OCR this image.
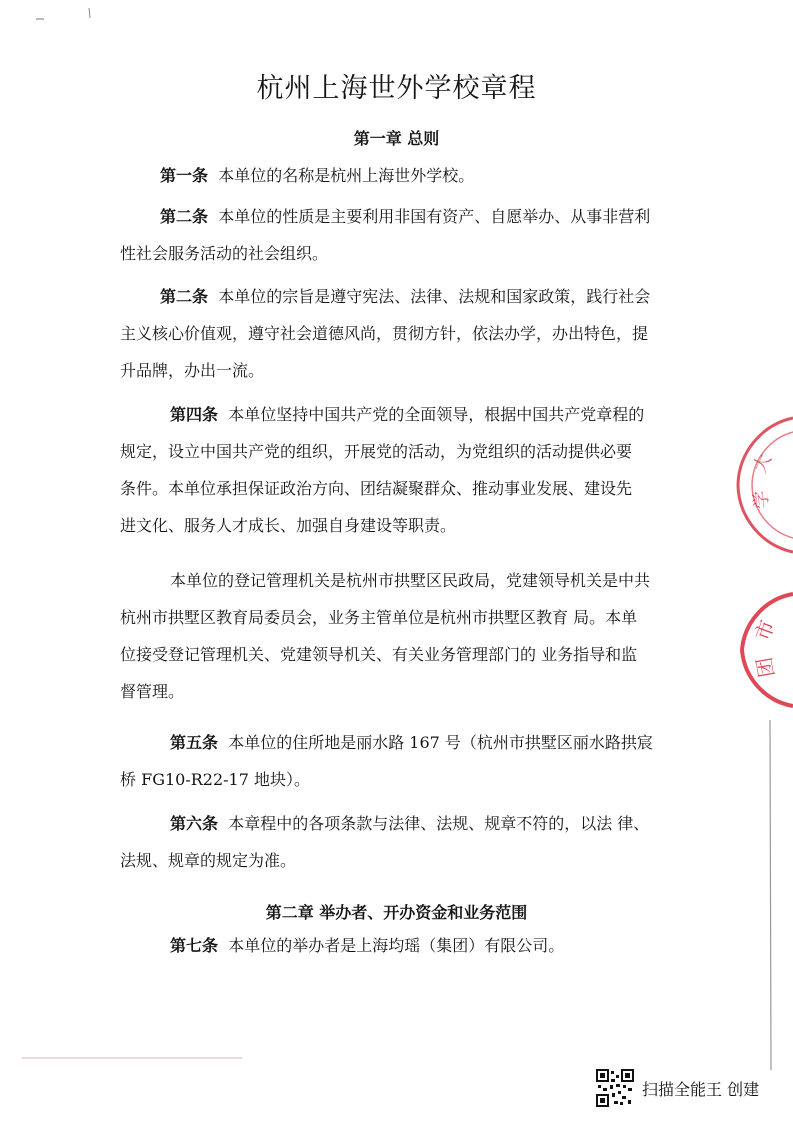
杭州上海世外学校章程
第一章 总则
第一条 本单位的名称是杭州上海世外学校。
第二条 本单位的性质是主要利用非国有资产、自愿举办、从事非营利
性社会服务活动的社会组织。
第二条 本单位的宗旨是遵守宪法、法律、法规和国家政策，践行社会
主义核心价值观，遵守社会道德风尚，贯彻方针，依法办学，办出特色，提
升品牌，办出一流。
第四条 本单位坚持中国共产党的全面领导，根据中国共产党章程的
规定，设立中国共产党的组织，开展党的活动，为党组织的活动提供必要
条件。本单位承担保证政治方向、团结凝聚群众、推动事业发展、建设先
进文化、服务人才成长、加强自身建设等职责。
本单位的登记管理机关是杭州市拱墅区民政局，党建领导机关是中共
杭州市拱墅区教育局委员会，业务主管单位是杭州市拱墅区教育 局。本单
位接受登记管理机关、党建领导机关、有关业务管理部门的 业务指导和监
督管理。
第五条 本单位的住所地是丽水路 167 号（杭州市拱墅区丽水路拱宸
桥 FG10-R22-17 地块）。
第六条 本章程中的各项条款与法律、法规、规章不符的，以法 律、
法规、规章的规定为准。
第二章 举办者、开办资金和业务范围
第七条 本单位的举办者是上海均瑶（集团）有限公司。
大
学
市
团
扫描全能王 创建
